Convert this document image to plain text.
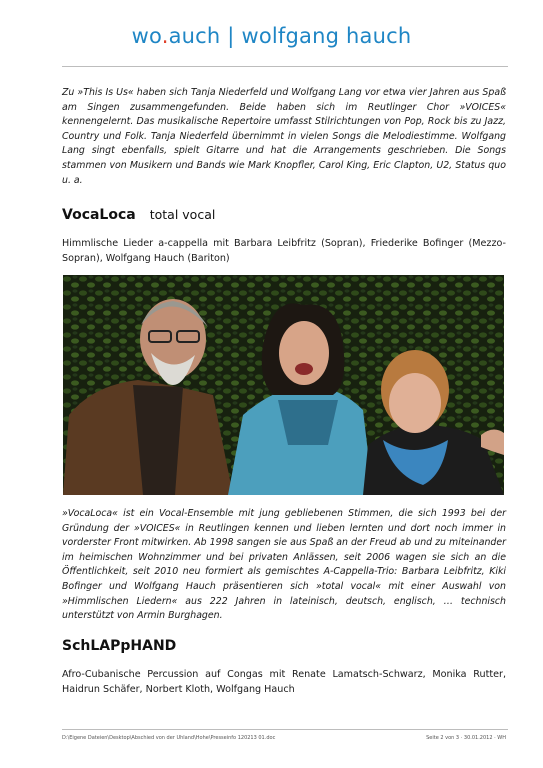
wo.auch | wolfgang hauch
Zu »This Is Us« haben sich Tanja Niederfeld und Wolfgang Lang vor etwa vier Jahren aus Spaß am Singen zusammengefunden. Beide haben sich im Reutlinger Chor »VOICES« kennengelernt. Das musikalische Repertoire umfasst Stilrichtungen von Pop, Rock bis zu Jazz, Country und Folk. Tanja Niederfeld übernimmt in vielen Songs die Melodiestimme. Wolfgang Lang singt ebenfalls, spielt Gitarre und hat die Arrangements geschrieben. Die Songs stammen von Musikern und Bands wie Mark Knopfler, Carol King, Eric Clapton, U2, Status quo u. a.
VocaLoca total vocal
Himmlische Lieder a-cappella mit Barbara Leibfritz (Sopran), Friederike Bofinger (Mezzo-Sopran), Wolfgang Hauch (Bariton)
»VocaLoca« ist ein Vocal-Ensemble mit jung gebliebenen Stimmen, die sich 1993 bei der Gründung der »VOICES« in Reutlingen kennen und lieben lernten und dort noch immer in vorderster Front mitwirken. Ab 1998 sangen sie aus Spaß an der Freud ab und zu miteinander im heimischen Wohnzimmer und bei privaten Anlässen, seit 2006 wagen sie sich an die Öffentlichkeit, seit 2010 neu formiert als gemischtes A-Cappella-Trio: Barbara Leibfritz, Kiki Bofinger und Wolfgang Hauch präsentieren sich »total vocal« mit einer Auswahl von »Himmlischen Liedern« aus 222 Jahren in lateinisch, deutsch, englisch, … technisch unterstützt von Armin Burghagen.
SchLAPpHAND
Afro-Cubanische Percussion auf Congas mit Renate Lamatsch-Schwarz, Monika Rutter, Haidrun Schäfer, Norbert Kloth, Wolfgang Hauch
D:\Eigene Dateien\Desktop\Abschied von der Uhland\Hohe\Presseinfo 120213 01.doc	Seite 2 von 3 · 30.01.2012 · WH
